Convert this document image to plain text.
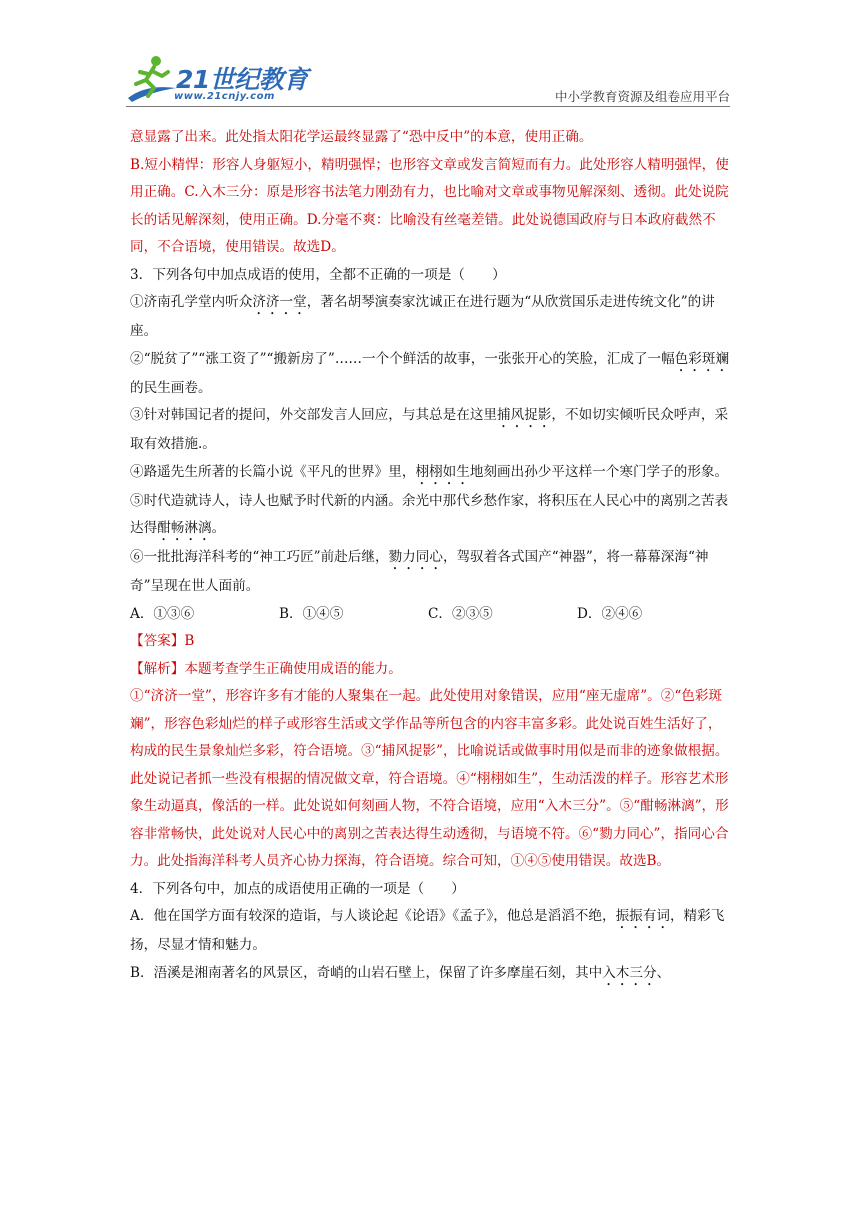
21世纪教育
www.21cnjy.com	中小学教育资源及组卷应用平台

意显露了出来。此处指太阳花学运最终显露了“恐中反中”的本意，使用正确。

B.短小精悍：形容人身躯短小，精明强悍；也形容文章或发言简短而有力。此处形容人精明强悍，使用正确。C.入木三分：原是形容书法笔力刚劲有力，也比喻对文章或事物见解深刻、透彻。此处说院长的话见解深刻，使用正确。D.分毫不爽：比喻没有丝毫差错。此处说德国政府与日本政府截然不同，不合语境，使用错误。故选D。

3．下列各句中加点成语的使用，全都不正确的一项是（　　）

①济南孔学堂内听众济济一堂，著名胡琴演奏家沈诚正在进行题为“从欣赏国乐走进传统文化”的讲座。

②“脱贫了”“涨工资了”“搬新房了”……一个个鲜活的故事，一张张开心的笑脸，汇成了一幅色彩斑斓的民生画卷。

③针对韩国记者的提问，外交部发言人回应，与其总是在这里捕风捉影，不如切实倾听民众呼声，采取有效措施.。

④路遥先生所著的长篇小说《平凡的世界》里，栩栩如生地刻画出孙少平这样一个寒门学子的形象。

⑤时代造就诗人，诗人也赋予时代新的内涵。余光中那代乡愁作家，将积压在人民心中的离别之苦表达得酣畅淋漓。

⑥一批批海洋科考的“神工巧匠”前赴后继，勠力同心，驾驭着各式国产“神器”，将一幕幕深海“神奇”呈现在世人面前。

A．①③⑥	B．①④⑤	C．②③⑤	D．②④⑥

【答案】B

【解析】本题考查学生正确使用成语的能力。

①“济济一堂”，形容许多有才能的人聚集在一起。此处使用对象错误，应用“座无虚席”。②“色彩斑斓”，形容色彩灿烂的样子或形容生活或文学作品等所包含的内容丰富多彩。此处说百姓生活好了，构成的民生景象灿烂多彩，符合语境。③“捕风捉影”，比喻说话或做事时用似是而非的迹象做根据。此处说记者抓一些没有根据的情况做文章，符合语境。④“栩栩如生”，生动活泼的样子。形容艺术形象生动逼真，像活的一样。此处说如何刻画人物，不符合语境，应用“入木三分”。⑤“酣畅淋漓”，形容非常畅快，此处说对人民心中的离别之苦表达得生动透彻，与语境不符。⑥“勠力同心”，指同心合力。此处指海洋科考人员齐心协力探海，符合语境。综合可知，①④⑤使用错误。故选B。

4．下列各句中，加点的成语使用正确的一项是（　　）

A．他在国学方面有较深的造诣，与人谈论起《论语》《孟子》，他总是滔滔不绝，振振有词，精彩飞扬，尽显才情和魅力。

B．浯溪是湘南著名的风景区，奇峭的山岩石壁上，保留了许多摩崖石刻，其中入木三分、
